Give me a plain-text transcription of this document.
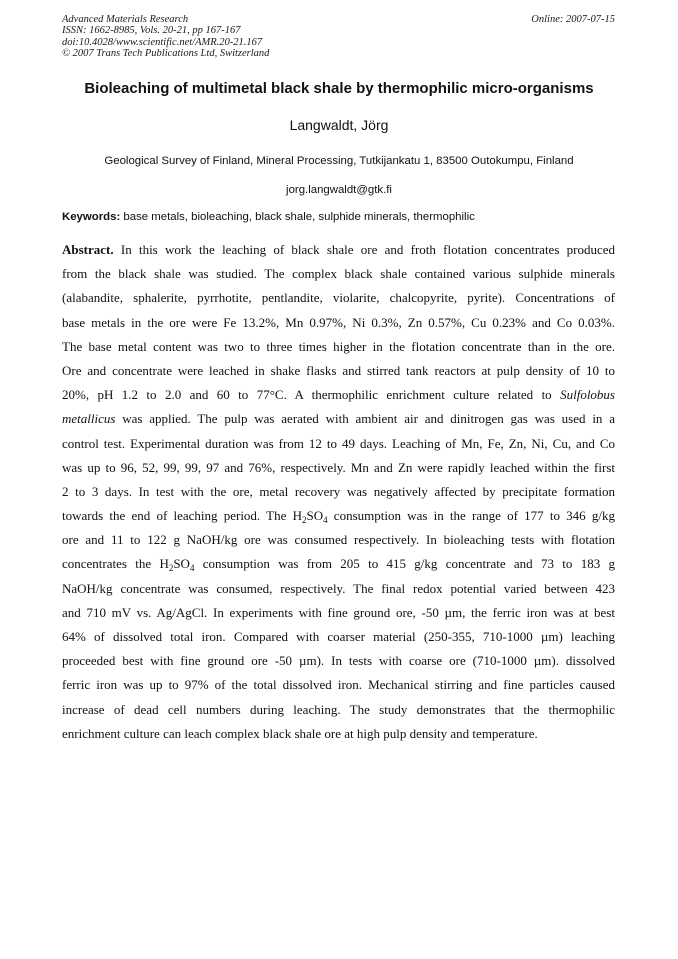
Advanced Materials Research
ISSN: 1662-8985, Vols. 20-21, pp 167-167
doi:10.4028/www.scientific.net/AMR.20-21.167
© 2007 Trans Tech Publications Ltd, Switzerland
Online: 2007-07-15
Bioleaching of multimetal black shale by thermophilic micro-organisms
Langwaldt, Jörg
Geological Survey of Finland, Mineral Processing, Tutkijankatu 1, 83500 Outokumpu, Finland
jorg.langwaldt@gtk.fi
Keywords: base metals, bioleaching, black shale, sulphide minerals, thermophilic
Abstract. In this work the leaching of black shale ore and froth flotation concentrates produced
from the black shale was studied. The complex black shale contained various sulphide minerals
(alabandite, sphalerite, pyrrhotite, pentlandite, violarite, chalcopyrite, pyrite). Concentrations of
base metals in the ore were Fe 13.2%, Mn 0.97%, Ni 0.3%, Zn 0.57%, Cu 0.23% and Co 0.03%.
The base metal content was two to three times higher in the flotation concentrate than in the ore.
Ore and concentrate were leached in shake flasks and stirred tank reactors at pulp density of 10 to
20%, pH 1.2 to 2.0 and 60 to 77°C. A thermophilic enrichment culture related to Sulfolobus
metallicus was applied. The pulp was aerated with ambient air and dinitrogen gas was used in a
control test. Experimental duration was from 12 to 49 days. Leaching of Mn, Fe, Zn, Ni, Cu, and Co
was up to 96, 52, 99, 99, 97 and 76%, respectively. Mn and Zn were rapidly leached within the first
2 to 3 days. In test with the ore, metal recovery was negatively affected by precipitate formation
towards the end of leaching period. The $H_2SO_4$ consumption was in the range of 177 to 346 g/kg
ore and 11 to 122 g NaOH/kg ore was consumed respectively. In bioleaching tests with flotation
concentrates the $H_2SO_4$ consumption was from 205 to 415 g/kg concentrate and 73 to 183 g
NaOH/kg concentrate was consumed, respectively. The final redox potential varied between 423
and 710 mV vs. Ag/AgCl. In experiments with fine ground ore, -50 µm, the ferric iron was at best
64% of dissolved total iron. Compared with coarser material (250-355, 710-1000 µm) leaching
proceeded best with fine ground ore -50 µm). In tests with coarse ore (710-1000 µm). dissolved
ferric iron was up to 97% of the total dissolved iron. Mechanical stirring and fine particles caused
increase of dead cell numbers during leaching. The study demonstrates that the thermophilic
enrichment culture can leach complex black shale ore at high pulp density and temperature.
